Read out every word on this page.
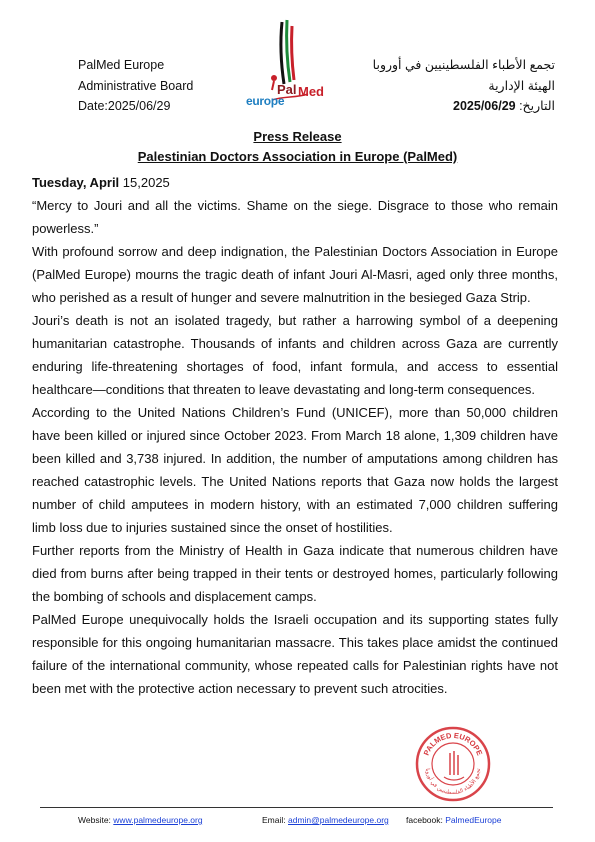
PalMed Europe
Administrative Board
Date:2025/06/29
Pal Med
europe
تجمع الأطباء الفلسطينيين في أوروبا
الهيئة الإدارية
التاريخ: 2025/06/29
Press Release
Palestinian Doctors Association in Europe (PalMed)
Tuesday, April 15,2025

“Mercy to Jouri and all the victims. Shame on the siege. Disgrace to those who remain powerless.”

With profound sorrow and deep indignation, the Palestinian Doctors Association in Europe (PalMed Europe) mourns the tragic death of infant Jouri Al-Masri, aged only three months, who perished as a result of hunger and severe malnutrition in the besieged Gaza Strip.

Jouri’s death is not an isolated tragedy, but rather a harrowing symbol of a deepening humanitarian catastrophe. Thousands of infants and children across Gaza are currently enduring life-threatening shortages of food, infant formula, and access to essential healthcare—conditions that threaten to leave devastating and long-term consequences.

According to the United Nations Children’s Fund (UNICEF), more than 50,000 children have been killed or injured since October 2023. From March 18 alone, 1,309 children have been killed and 3,738 injured. In addition, the number of amputations among children has reached catastrophic levels. The United Nations reports that Gaza now holds the largest number of child amputees in modern history, with an estimated 7,000 children suffering limb loss due to injuries sustained since the onset of hostilities.

Further reports from the Ministry of Health in Gaza indicate that numerous children have died from burns after being trapped in their tents or destroyed homes, particularly following the bombing of schools and displacement camps.

PalMed Europe unequivocally holds the Israeli occupation and its supporting states fully responsible for this ongoing humanitarian massacre. This takes place amidst the continued failure of the international community, whose repeated calls for Palestinian rights have not been met with the protective action necessary to prevent such atrocities.

PALMED EUROPE
تجمع الأطباء الفلسطينيين في أوروبا
Website: www.palmedeurope.org	Email: admin@palmedeurope.org facebook: PalmedEurope
